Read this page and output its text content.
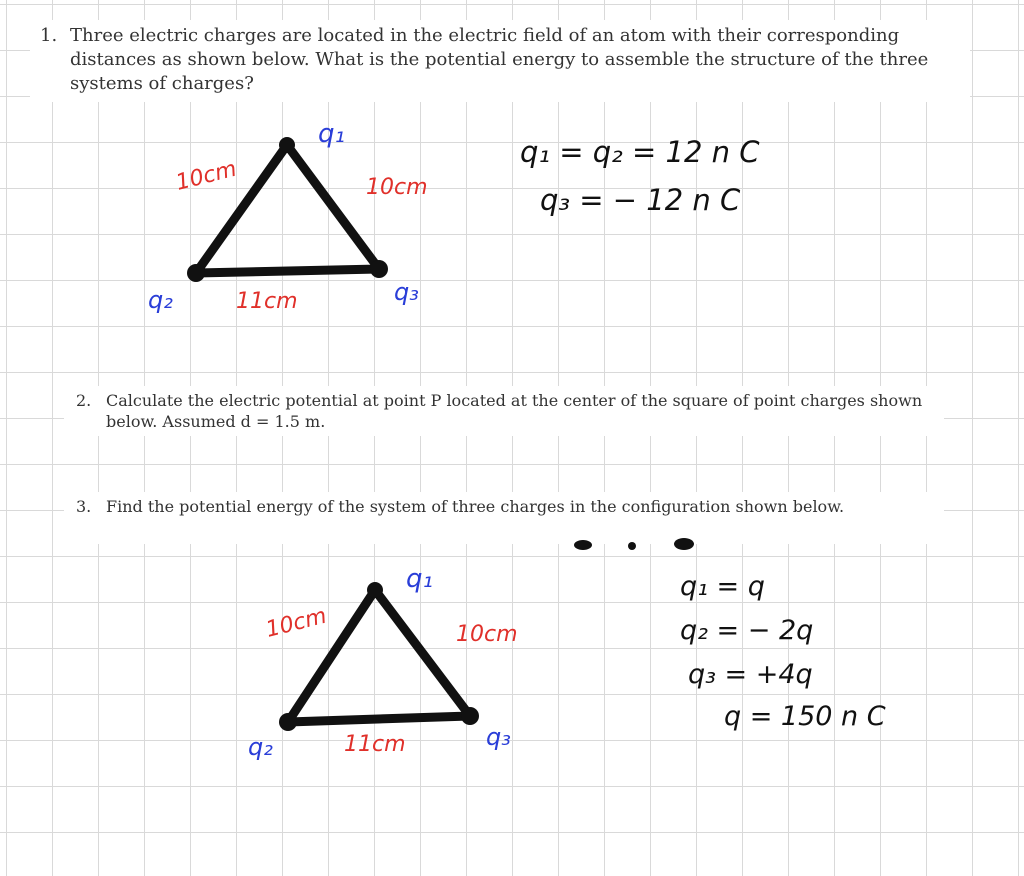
1. Three electric charges are located in the electric field of an atom with their corresponding distances as shown below. What is the potential energy to assemble the structure of the three systems of charges?
q₁
q₂	q₃
10cm	10cm
11cm
q₁ = q₂ = 12 n C
q₃ = − 12 n C
2. Calculate the electric potential at point P located at the center of the square of point charges shown below. Assumed d = 1.5 m.
3. Find the potential energy of the system of three charges in the configuration shown below.
q₁
q₂	q₃
10cm	10cm
11cm
q₁ = q
q₂ = − 2q
q₃ = +4q
q = 150 n C
